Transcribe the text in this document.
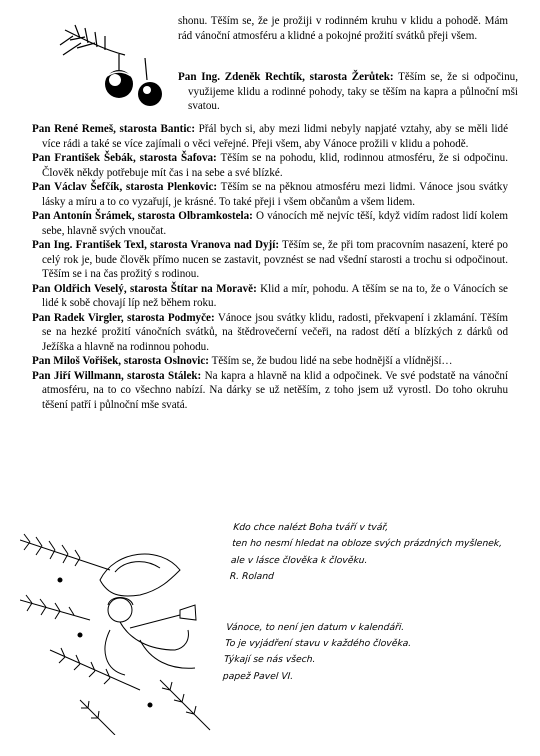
shonu. Těším se, že je prožiji v rodinném kruhu v klidu a pohodě. Mám rád vánoční atmosféru a klidné a pokojné prožití svátků přeji všem.
Pan Ing. Zdeněk Rechtík, starosta Žerůtek: Těším se, že si odpočinu, využijeme klidu a rodinné pohody, taky se těším na kapra a půlnoční mši svatou.
Pan René Remeš, starosta Bantic: Přál bych si, aby mezi lidmi nebyly napjaté vztahy, aby se měli lidé více rádi a také se více zajímali o věci veřejné. Přeji všem, aby Vánoce prožili v klidu a pohodě.
Pan František Šebák, starosta Šafova: Těším se na pohodu, klid, rodinnou atmosféru, že si odpočinu. Člověk někdy potřebuje mít čas i na sebe a své blízké.
Pan Václav Šefčík, starosta Plenkovic: Těším se na pěknou atmosféru mezi lidmi. Vánoce jsou svátky lásky a míru a to co vyzařují, je krásné. To také přeji i všem občanům a všem lidem.
Pan Antonín Šrámek, starosta Olbramkostela: O vánocích mě nejvíc těší, když vidím radost lidí kolem sebe, hlavně svých vnoučat.
Pan Ing. František Texl, starosta Vranova nad Dyjí: Těším se, že při tom pracovním nasazení, které po celý rok je, bude člověk přímo nucen se zastavit, povznést se nad všední starosti a trochu si odpočinout. Těším se i na čas prožitý s rodinou.
Pan Oldřich Veselý, starosta Štítar na Moravě: Klid a mír, pohodu. A těším se na to, že o Vánocích se lidé k sobě chovají líp než během roku.
Pan Radek Virgler, starosta Podmyče: Vánoce jsou svátky klidu, radosti, překvapení i zklamání. Těším se na hezké prožití vánočních svátků, na štědrovečerní večeři, na radost dětí a blízkých z dárků od Ježíška a hlavně na rodinnou pohodu.
Pan Miloš Vořišek, starosta Oslnovic: Těším se, že budou lidé na sebe hodnější a vlídnější…
Pan Jiří Willmann, starosta Stálek: Na kapra a hlavně na klid a odpočinek. Ve své podstatě na vánoční atmosféru, na to co všechno nabízí. Na dárky se už netěším, z toho jsem už vyrostl. Do toho okruhu těšení patří i půlnoční mše svatá.
Kdo chce nalézt Boha tváří v tvář,
ten ho nesmí hledat na obloze svých prázdných myšlenek,
ale v lásce člověka k člověku.
R. Roland
Vánoce, to není jen datum v kalendáři.
To je vyjádření stavu v každého člověka.
Týkají se nás všech.
papež Pavel VI.
